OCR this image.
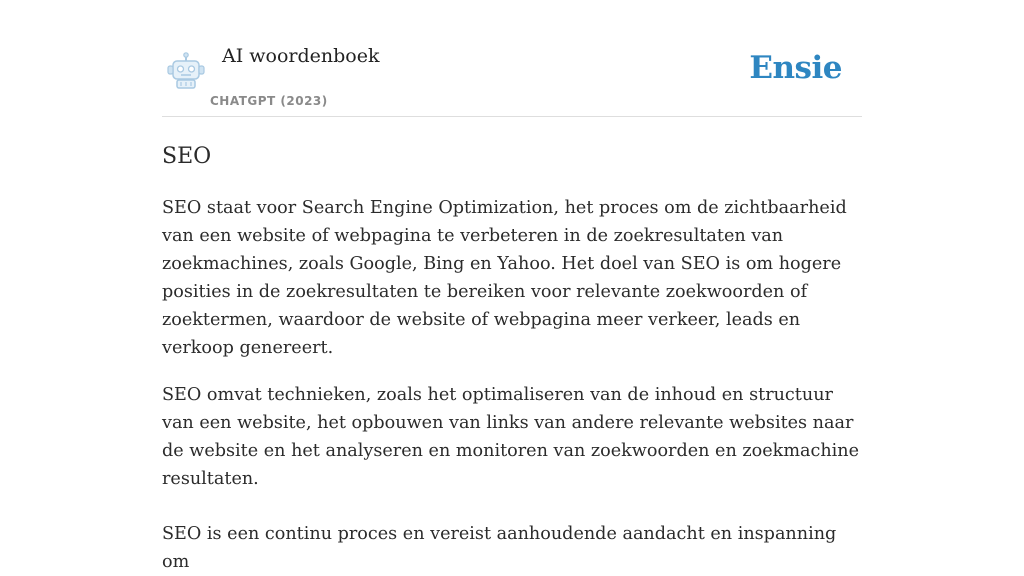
AI woordenboek
CHATGPT (2023)
Ensie
SEO

SEO staat voor Search Engine Optimization, het proces om de zichtbaarheid van een website of webpagina te verbeteren in de zoekresultaten van zoekmachines, zoals Google, Bing en Yahoo. Het doel van SEO is om hogere posities in de zoekresultaten te bereiken voor relevante zoekwoorden of zoektermen, waardoor de website of webpagina meer verkeer, leads en verkoop genereert.

SEO omvat technieken, zoals het optimaliseren van de inhoud en structuur van een website, het opbouwen van links van andere relevante websites naar de website en het analyseren en monitoren van zoekwoorden en zoekmachine resultaten.

SEO is een continu proces en vereist aanhoudende aandacht en inspanning om
